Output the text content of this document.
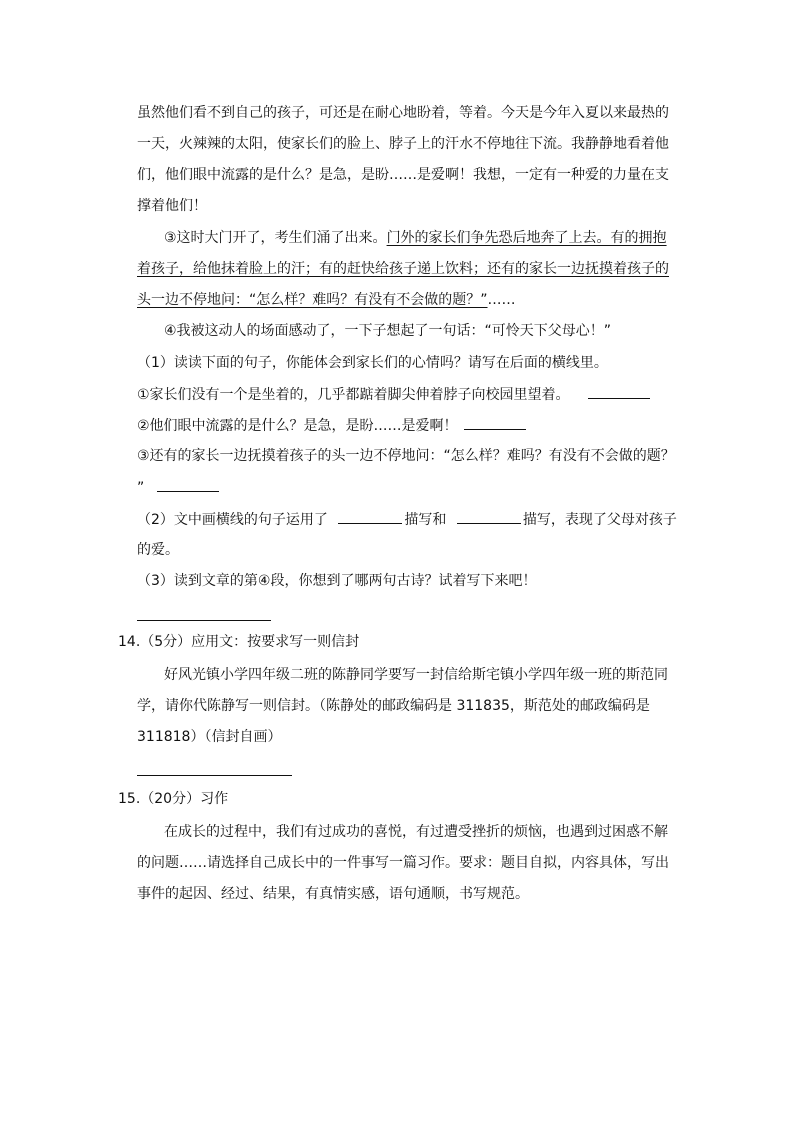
虽然他们看不到自己的孩子，可还是在耐心地盼着，等着。今天是今年入夏以来最热的
一天，火辣辣的太阳，使家长们的脸上、脖子上的汗水不停地往下流。我静静地看着他
们，他们眼中流露的是什么？是急，是盼……是爱啊！我想，一定有一种爱的力量在支
撑着他们！
③这时大门开了，考生们涌了出来。门外的家长们争先恐后地奔了上去。有的拥抱
着孩子，给他抹着脸上的汗；有的赶快给孩子递上饮料；还有的家长一边抚摸着孩子的
头一边不停地问：“怎么样？难吗？有没有不会做的题？”……
④我被这动人的场面感动了，一下子想起了一句话：“可怜天下父母心！”
（1）读读下面的句子，你能体会到家长们的心情吗？请写在后面的横线里。
①家长们没有一个是坐着的，几乎都踮着脚尖伸着脖子向校园里望着。
②他们眼中流露的是什么？是急，是盼……是爱啊！
③还有的家长一边抚摸着孩子的头一边不停地问：“怎么样？难吗？有没有不会做的题？
”
（2）文中画横线的句子运用了	描写和	描写，表现了父母对孩子
的爱。
（3）读到文章的第④段，你想到了哪两句古诗？试着写下来吧！
14.（5分）应用文：按要求写一则信封
好风光镇小学四年级二班的陈静同学要写一封信给斯宅镇小学四年级一班的斯范同
学，请你代陈静写一则信封。（陈静处的邮政编码是 311835，斯范处的邮政编码是
311818）（信封自画）
15.（20分）习作
在成长的过程中，我们有过成功的喜悦，有过遭受挫折的烦恼，也遇到过困惑不解
的问题……请选择自己成长中的一件事写一篇习作。要求：题目自拟，内容具体，写出
事件的起因、经过、结果，有真情实感，语句通顺，书写规范。
